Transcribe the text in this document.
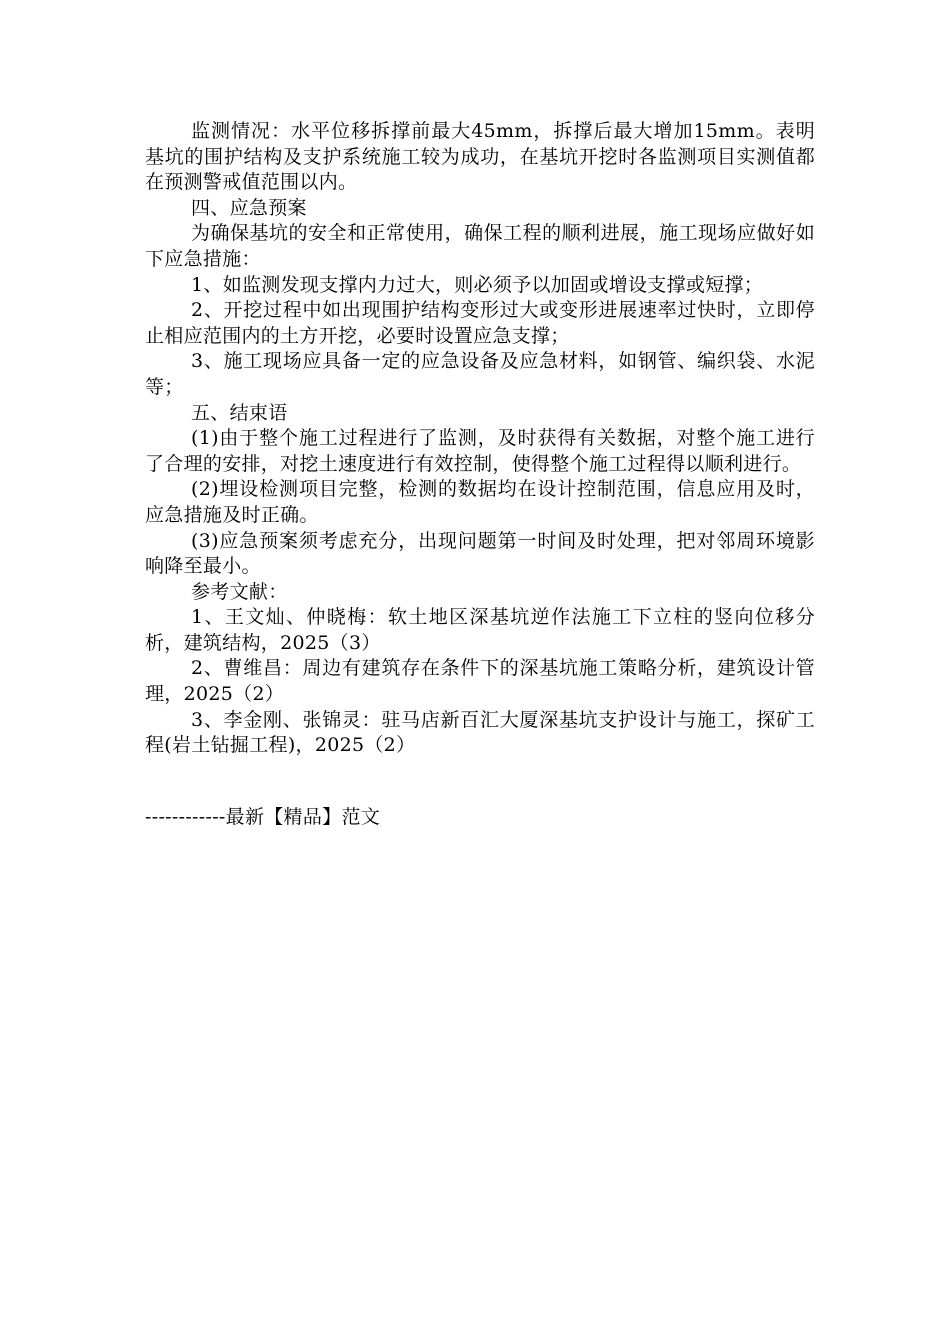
监测情况：水平位移拆撑前最大45mm，拆撑后最大增加15mm。表明基坑的围护结构及支护系统施工较为成功，在基坑开挖时各监测项目实测值都在预测警戒值范围以内。

四、应急预案

为确保基坑的安全和正常使用，确保工程的顺利进展，施工现场应做好如下应急措施：

1、如监测发现支撑内力过大，则必须予以加固或增设支撑或短撑；

2、开挖过程中如出现围护结构变形过大或变形进展速率过快时，立即停止相应范围内的土方开挖，必要时设置应急支撑；

3、施工现场应具备一定的应急设备及应急材料，如钢管、编织袋、水泥等；

五、结束语

(1)由于整个施工过程进行了监测，及时获得有关数据，对整个施工进行了合理的安排，对挖土速度进行有效控制，使得整个施工过程得以顺利进行。

(2)埋设检测项目完整，检测的数据均在设计控制范围，信息应用及时，应急措施及时正确。

(3)应急预案须考虑充分，出现问题第一时间及时处理，把对邻周环境影响降至最小。

参考文献：

1、王文灿、仲晓梅：软土地区深基坑逆作法施工下立柱的竖向位移分析，建筑结构，2025（3）

2、曹维昌：周边有建筑存在条件下的深基坑施工策略分析，建筑设计管理，2025（2）

3、李金刚、张锦灵：驻马店新百汇大厦深基坑支护设计与施工，探矿工程(岩土钻掘工程)，2025（2）

------------最新【精品】范文
